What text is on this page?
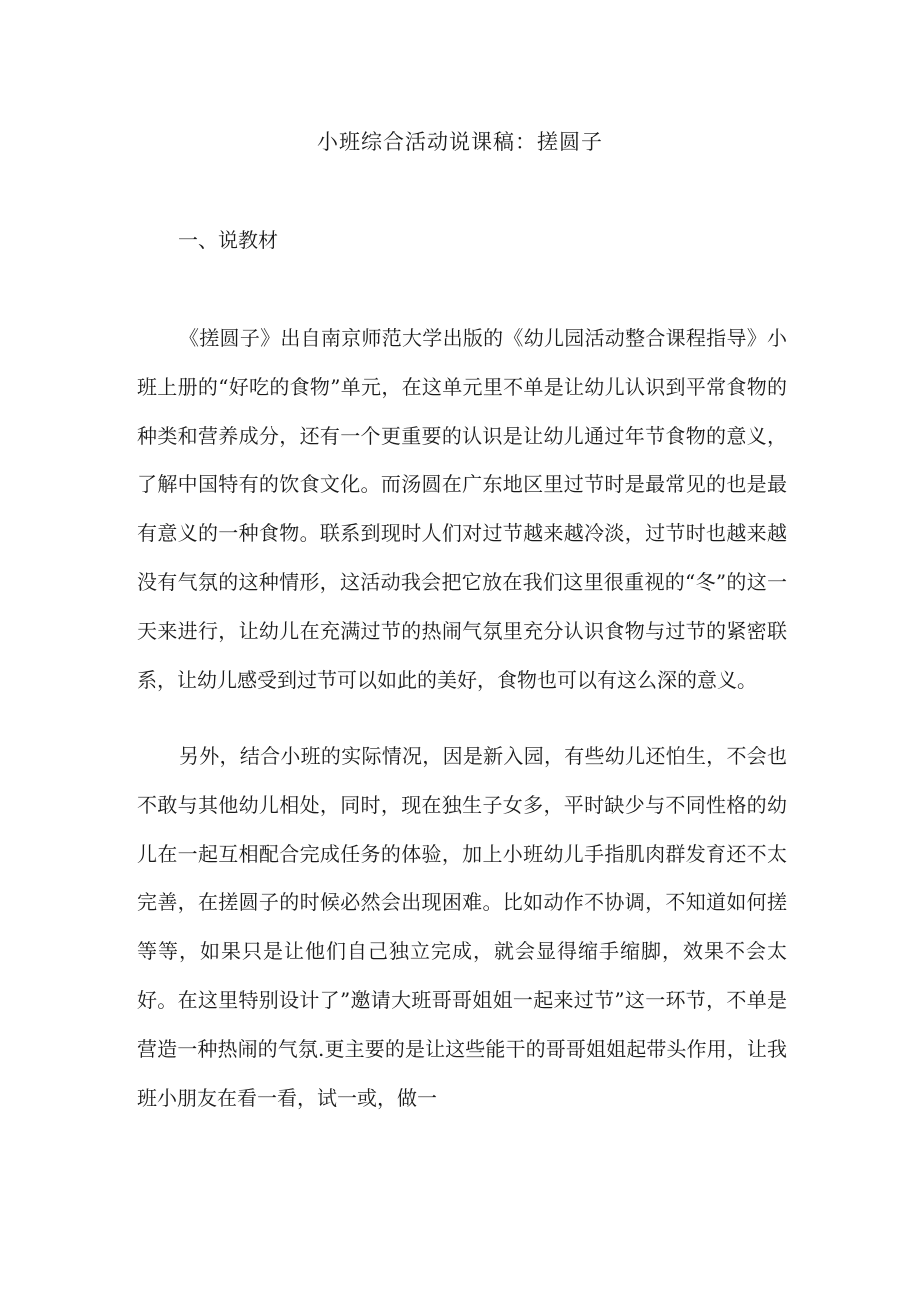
小班综合活动说课稿：搓圆子
一、说教材

《搓圆子》出自南京师范大学出版的《幼儿园活动整合课程指导》小班上册的“好吃的食物”单元，在这单元里不单是让幼儿认识到平常食物的种类和营养成分，还有一个更重要的认识是让幼儿通过年节食物的意义，了解中国特有的饮食文化。而汤圆在广东地区里过节时是最常见的也是最有意义的一种食物。联系到现时人们对过节越来越冷淡，过节时也越来越没有气氛的这种情形，这活动我会把它放在我们这里很重视的“冬”的这一天来进行，让幼儿在充满过节的热闹气氛里充分认识食物与过节的紧密联系，让幼儿感受到过节可以如此的美好，食物也可以有这么深的意义。

另外，结合小班的实际情况，因是新入园，有些幼儿还怕生，不会也不敢与其他幼儿相处，同时，现在独生子女多，平时缺少与不同性格的幼儿在一起互相配合完成任务的体验，加上小班幼儿手指肌肉群发育还不太完善，在搓圆子的时候必然会出现困难。比如动作不协调，不知道如何搓等等，如果只是让他们自己独立完成，就会显得缩手缩脚，效果不会太好。在这里特别设计了”邀请大班哥哥姐姐一起来过节”这一环节，不单是营造一种热闹的气氛.更主要的是让这些能干的哥哥姐姐起带头作用，让我班小朋友在看一看，试一或，做一
